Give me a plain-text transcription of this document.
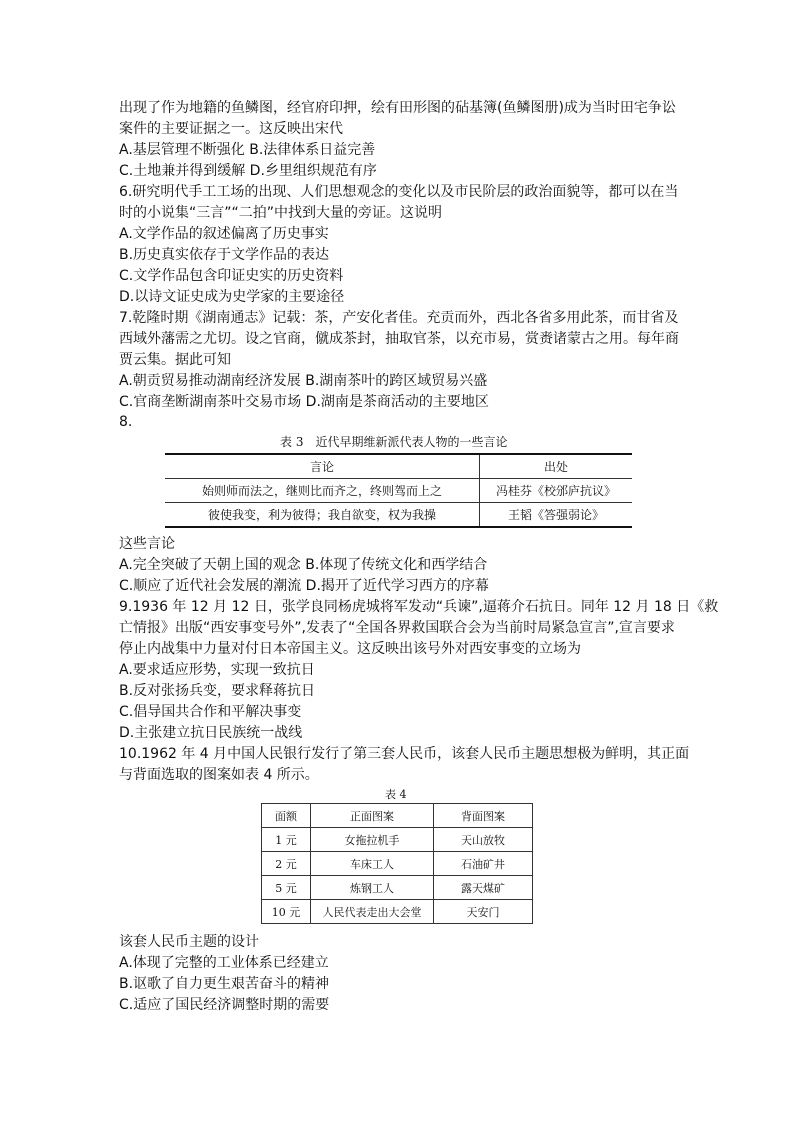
出现了作为地籍的鱼鳞图，经官府印押，绘有田形图的砧基簿(鱼鳞图册)成为当时田宅争讼
案件的主要证据之一。这反映出宋代
A.基层管理不断强化 B.法律体系日益完善
C.土地兼并得到缓解 D.乡里组织规范有序
6.研究明代手工工场的出现、人们思想观念的变化以及市民阶层的政治面貌等，都可以在当
时的小说集“三言”“二拍”中找到大量的旁证。这说明
A.文学作品的叙述偏离了历史事实
B.历史真实依存于文学作品的表达
C.文学作品包含印证史实的历史资料
D.以诗文证史成为史学家的主要途径
7.乾隆时期《湖南通志》记载：茶，产安化者佳。充贡而外，西北各省多用此茶，而甘省及
西域外藩需之尤切。设之官商，僦成茶封，抽取官茶，以充市易，赏赉诸蒙古之用。每年商
贾云集。据此可知
A.朝贡贸易推动湖南经济发展 B.湖南茶叶的跨区域贸易兴盛
C.官商垄断湖南茶叶交易市场 D.湖南是茶商活动的主要地区
8.
表 3　近代早期维新派代表人物的一些言论
言论	出处
始则师而法之，继则比而齐之，终则驾而上之	冯桂芬《校邠庐抗议》
彼使我变，利为彼得；我自欲变，权为我操	王韬《答强弱论》
这些言论
A.完全突破了天朝上国的观念 B.体现了传统文化和西学结合
C.顺应了近代社会发展的潮流 D.揭开了近代学习西方的序幕
9.1936 年 12 月 12 日，张学良同杨虎城将军发动“兵谏”,逼蒋介石抗日。同年 12 月 18 日《救
亡情报》出版“西安事变号外”,发表了“全国各界救国联合会为当前时局紧急宣言”,宣言要求
停止内战集中力量对付日本帝国主义。这反映出该号外对西安事变的立场为
A.要求适应形势，实现一致抗日
B.反对张扬兵变，要求释蒋抗日
C.倡导国共合作和平解决事变
D.主张建立抗日民族统一战线
10.1962 年 4 月中国人民银行发行了第三套人民币，该套人民币主题思想极为鲜明，其正面
与背面选取的图案如表 4 所示。
表 4
面额	正面图案	背面图案
1 元	女拖拉机手	天山放牧
2 元	车床工人	石油矿井
5 元	炼钢工人	露天煤矿
10 元	人民代表走出大会堂	天安门
该套人民币主题的设计
A.体现了完整的工业体系已经建立
B.讴歌了自力更生艰苦奋斗的精神
C.适应了国民经济调整时期的需要
